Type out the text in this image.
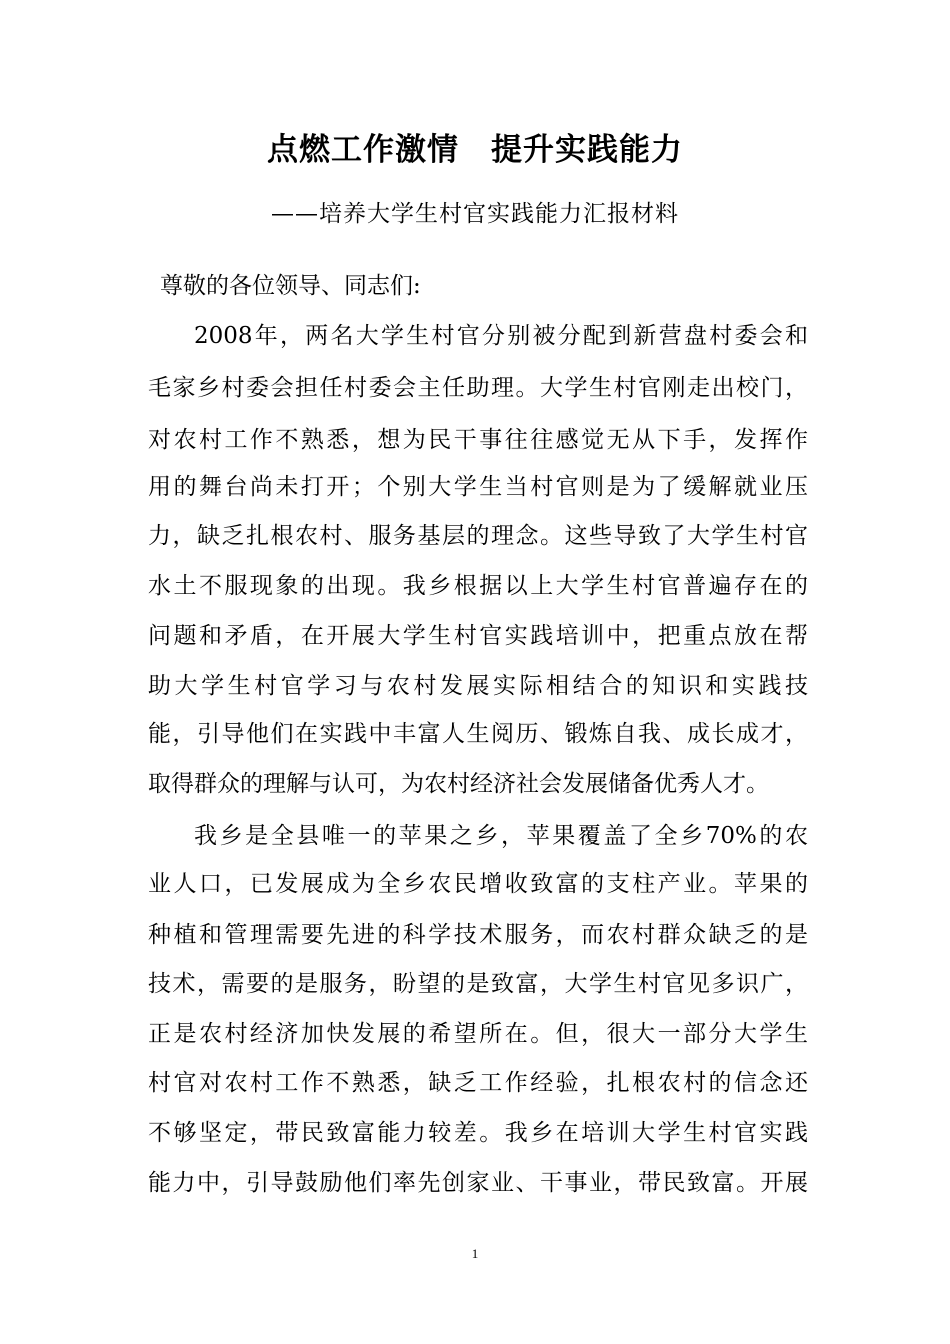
点燃工作激情　提升实践能力
——培养大学生村官实践能力汇报材料
尊敬的各位领导、同志们:
2008年，两名大学生村官分别被分配到新营盘村委会和
毛家乡村委会担任村委会主任助理。大学生村官刚走出校门，
对农村工作不熟悉，想为民干事往往感觉无从下手，发挥作
用的舞台尚未打开；个别大学生当村官则是为了缓解就业压
力，缺乏扎根农村、服务基层的理念。这些导致了大学生村官
水土不服现象的出现。我乡根据以上大学生村官普遍存在的
问题和矛盾，在开展大学生村官实践培训中，把重点放在帮
助大学生村官学习与农村发展实际相结合的知识和实践技
能，引导他们在实践中丰富人生阅历、锻炼自我、成长成才，
取得群众的理解与认可，为农村经济社会发展储备优秀人才。
我乡是全县唯一的苹果之乡，苹果覆盖了全乡70%的农
业人口，已发展成为全乡农民增收致富的支柱产业。苹果的
种植和管理需要先进的科学技术服务，而农村群众缺乏的是
技术，需要的是服务，盼望的是致富，大学生村官见多识广，
正是农村经济加快发展的希望所在。但，很大一部分大学生
村官对农村工作不熟悉，缺乏工作经验，扎根农村的信念还
不够坚定，带民致富能力较差。我乡在培训大学生村官实践
能力中，引导鼓励他们率先创家业、干事业，带民致富。开展
1
